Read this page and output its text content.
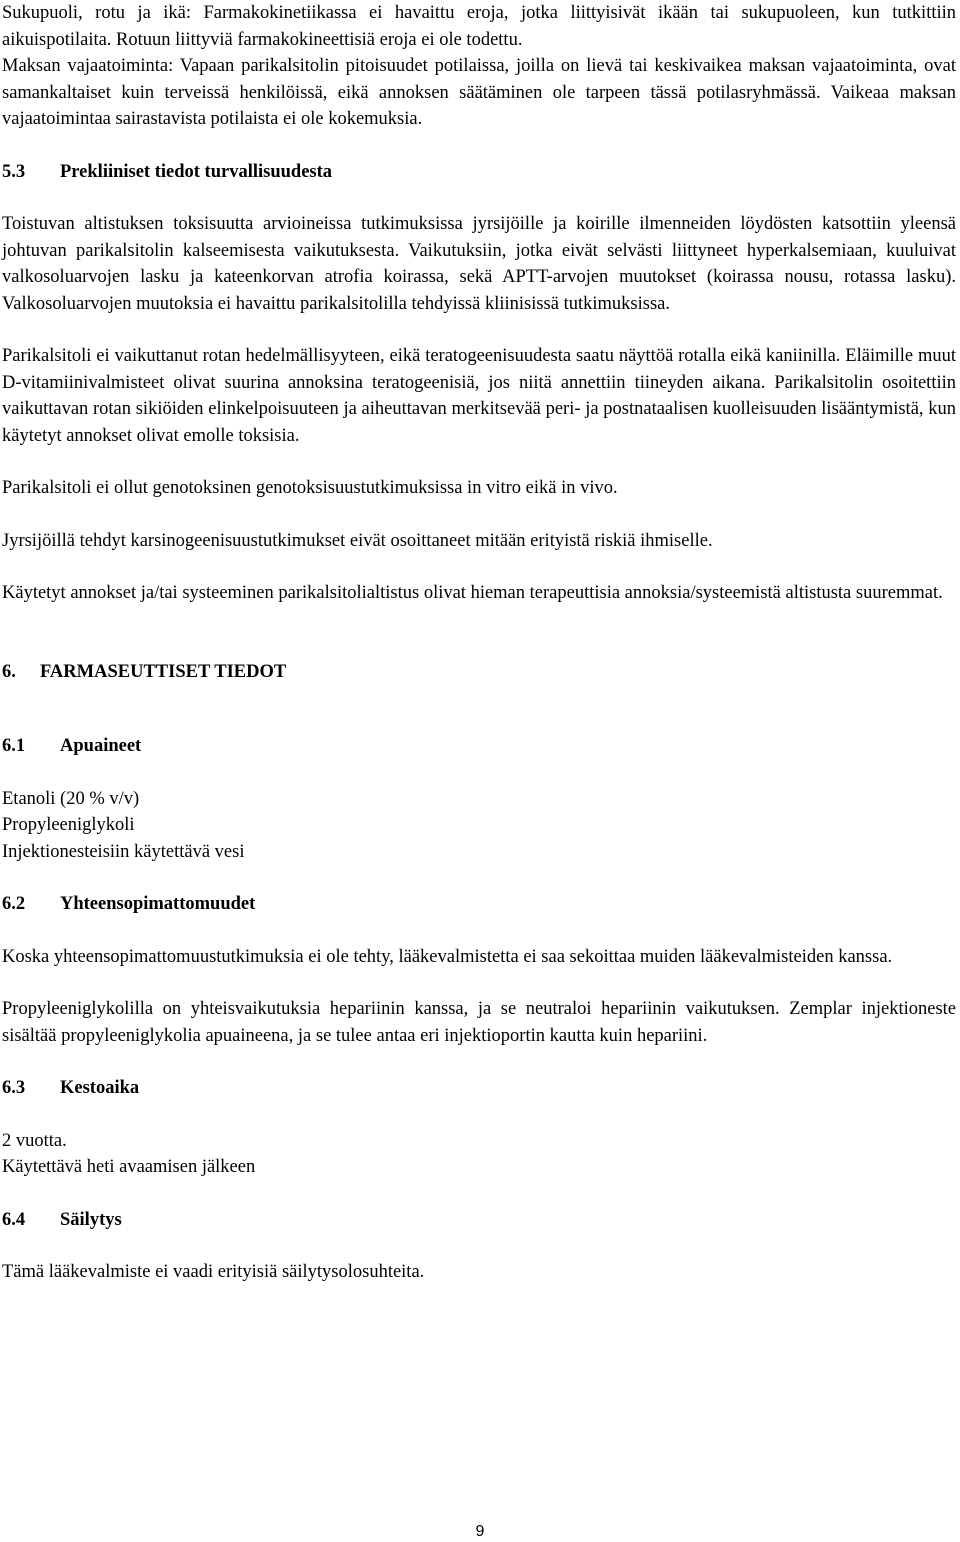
Sukupuoli, rotu ja ikä: Farmakokinetiikassa ei havaittu eroja, jotka liittyisivät ikään tai sukupuoleen, kun tutkittiin aikuispotilaita. Rotuun liittyviä farmakokineettisiä eroja ei ole todettu.

Maksan vajaatoiminta: Vapaan parikalsitolin pitoisuudet potilaissa, joilla on lievä tai keskivaikea maksan vajaatoiminta, ovat samankaltaiset kuin terveissä henkilöissä, eikä annoksen säätäminen ole tarpeen tässä potilasryhmässä. Vaikeaa maksan vajaatoimintaa sairastavista potilaista ei ole kokemuksia.

5.3 Prekliiniset tiedot turvallisuudesta

Toistuvan altistuksen toksisuutta arvioineissa tutkimuksissa jyrsijöille ja koirille ilmenneiden löydösten katsottiin yleensä johtuvan parikalsitolin kalseemisesta vaikutuksesta. Vaikutuksiin, jotka eivät selvästi liittyneet hyperkalsemiaan, kuuluivat valkosoluarvojen lasku ja kateenkorvan atrofia koirassa, sekä APTT-arvojen muutokset (koirassa nousu, rotassa lasku). Valkosoluarvojen muutoksia ei havaittu parikalsitolilla tehdyissä kliinisissä tutkimuksissa.

Parikalsitoli ei vaikuttanut rotan hedelmällisyyteen, eikä teratogeenisuudesta saatu näyttöä rotalla eikä kaniinilla. Eläimille muut D-vitamiinivalmisteet olivat suurina annoksina teratogeenisiä, jos niitä annettiin tiineyden aikana. Parikalsitolin osoitettiin vaikuttavan rotan sikiöiden elinkelpoisuuteen ja aiheuttavan merkitsevää peri- ja postnataalisen kuolleisuuden lisääntymistä, kun käytetyt annokset olivat emolle toksisia.

Parikalsitoli ei ollut genotoksinen genotoksisuustutkimuksissa in vitro eikä in vivo.

Jyrsijöillä tehdyt karsinogeenisuustutkimukset eivät osoittaneet mitään erityistä riskiä ihmiselle.

Käytetyt annokset ja/tai systeeminen parikalsitolialtistus olivat hieman terapeuttisia annoksia/systeemistä altistusta suuremmat.

6. FARMASEUTTISET TIEDOT
6.1 Apuaineet
Etanoli (20 % v/v)
Propyleeniglykoli
Injektionesteisiin käytettävä vesi
6.2 Yhteensopimattomuudet

Koska yhteensopimattomuustutkimuksia ei ole tehty, lääkevalmistetta ei saa sekoittaa muiden lääkevalmisteiden kanssa.

Propyleeniglykolilla on yhteisvaikutuksia hepariinin kanssa, ja se neutraloi hepariinin vaikutuksen. Zemplar injektioneste sisältää propyleeniglykolia apuaineena, ja se tulee antaa eri injektioportin kautta kuin hepariini.

6.3 Kestoaika
2 vuotta.
Käytettävä heti avaamisen jälkeen
6.4 Säilytys

Tämä lääkevalmiste ei vaadi erityisiä säilytysolosuhteita.

9
